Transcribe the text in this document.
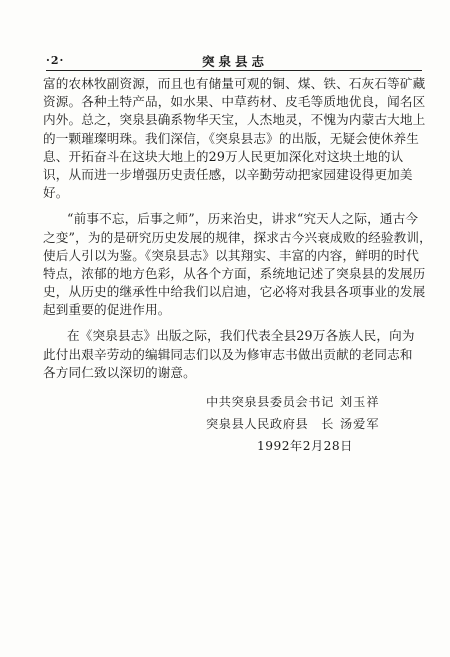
·2·	突泉县志
富的农林牧副资源，而且也有储量可观的铜、煤、铁、石灰石等矿藏
资源。各种土特产品，如水果、中草药材、皮毛等质地优良，闻名区
内外。总之，突泉县确系物华天宝，人杰地灵，不愧为内蒙古大地上
的一颗璀璨明珠。我们深信，《突泉县志》的出版，无疑会使休养生
息、开拓奋斗在这块大地上的29万人民更加深化对这块土地的认
识，从而进一步增强历史责任感，以辛勤劳动把家园建设得更加美
好。
“前事不忘，后事之师”，历来治史，讲求“究天人之际，通古今
之变”，为的是研究历史发展的规律，探求古今兴衰成败的经验教训，
使后人引以为鉴。《突泉县志》以其翔实、丰富的内容，鲜明的时代
特点，浓郁的地方色彩，从各个方面，系统地记述了突泉县的发展历
史，从历史的继承性中给我们以启迪，它必将对我县各项事业的发展
起到重要的促进作用。
在《突泉县志》出版之际，我们代表全县29万各族人民，向为
此付出艰辛劳动的编辑同志们以及为修审志书做出贡献的老同志和
各方同仁致以深切的谢意。
中共突泉县委员会书记 刘玉祥
突泉县人民政府县　长 汤爱军
1992年2月28日
